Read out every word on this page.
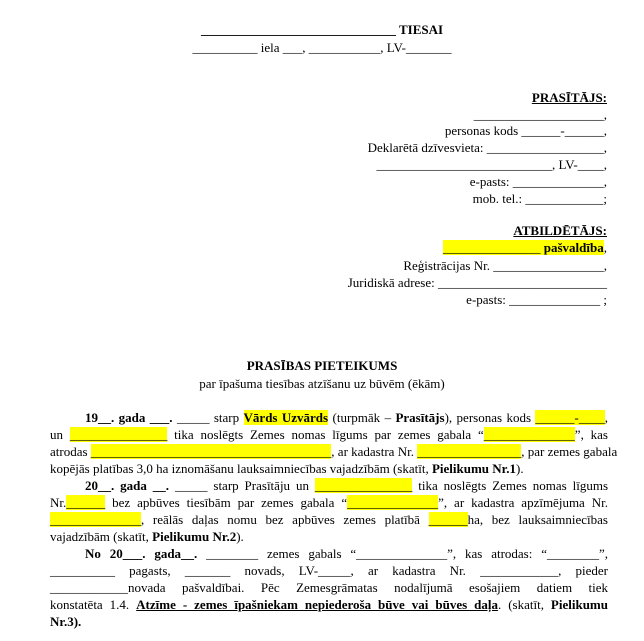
______________________________ TIESAI
__________ iela ___, ___________, LV-_______
PRASĪTĀJS:
____________________,
personas kods ______-______,
Deklarētā dzīvesvieta: __________________,
___________________________, LV-____,
e-pasts: ______________,
mob. tel.: ____________;
ATBILDĒTĀJS:
_______________ pašvaldība,
Reģistrācijas Nr. _________________,
Juridiskā adrese: __________________________
e-pasts: ______________ ;
PRASĪBAS PIETEIKUMS
par īpašuma tiesības atzīšanu uz būvēm (ēkām)
19__. gada ___. _____ starp Vārds Uzvārds (turpmāk – Prasītājs), personas kods ______-____,
un _______________ tika noslēgts Zemes nomas līgums par zemes gabala “______________”, kas
atrodas _____________________________________, ar kadastra Nr. ________________, par zemes gabala
kopējās platības 3,0 ha iznomāšanu lauksaimniecības vajadzībām (skatīt, Pielikumu Nr.1).
20__. gada __. _____ starp Prasītāju un _______________ tika noslēgts Zemes nomas līgums
Nr.______ bez apbūves tiesībām par zemes gabala “______________”, ar kadastra apzīmējuma Nr.
______________, reālās daļas nomu bez apbūves zemes platībā ______ha, bez lauksaimniecības
vajadzībām (skatīt, Pielikumu Nr.2).
No 20___. gada__. ________ zemes gabals “______________”, kas atrodas: “________”,
__________ pagasts, _______ novads, LV-_____, ar kadastra Nr. ____________, pieder
____________novada pašvaldībai. Pēc Zemesgrāmatas nodalījumā esošajiem datiem tiek
konstatēta 1.4. Atzīme - zemes īpašniekam nepiederoša būve vai būves daļa. (skatīt, Pielikumu
Nr.3).
